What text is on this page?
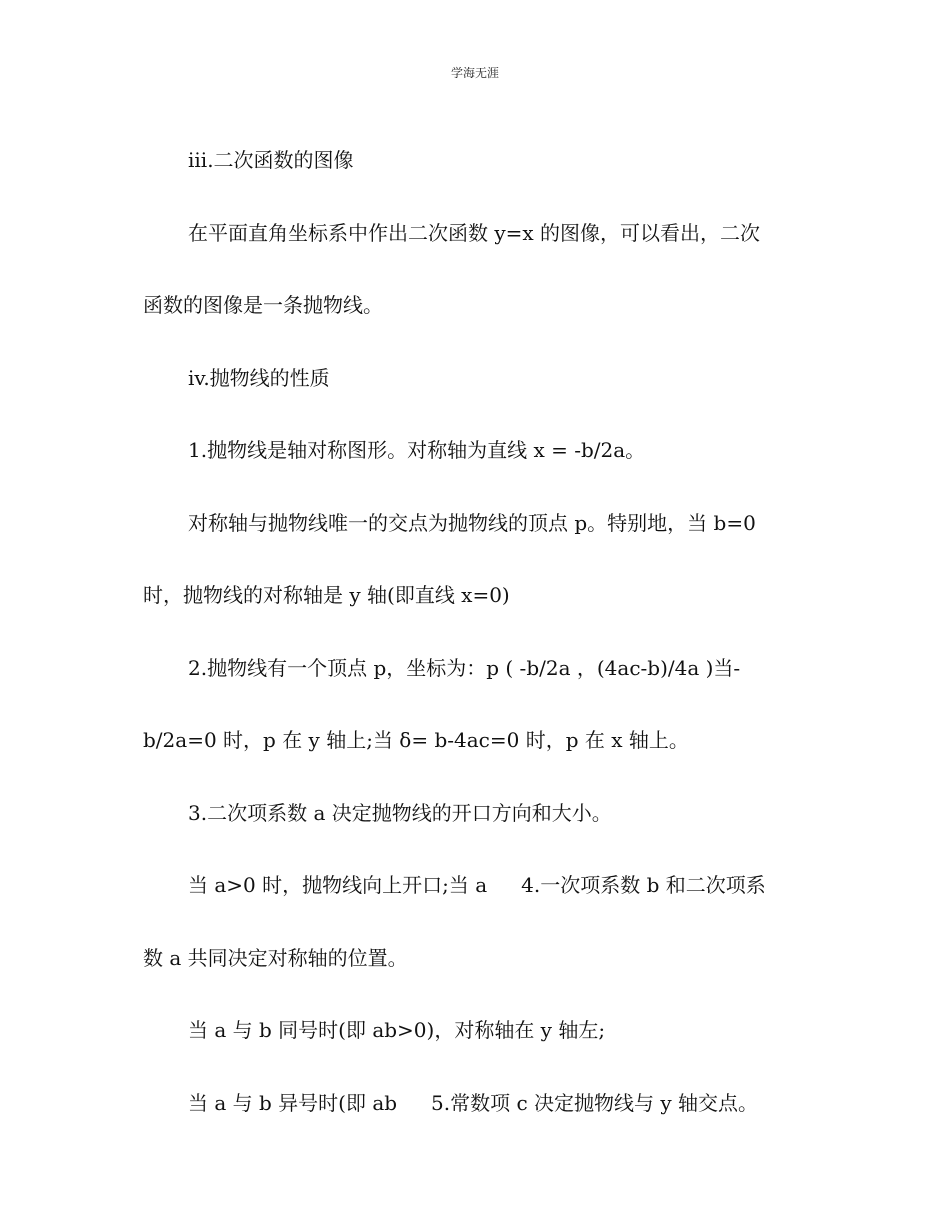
学海无涯
iii.二次函数的图像
在平面直角坐标系中作出二次函数 y=x 的图像，可以看出，二次
函数的图像是一条抛物线。
iv.抛物线的性质
1.抛物线是轴对称图形。对称轴为直线 x = -b/2a。
对称轴与抛物线唯一的交点为抛物线的顶点 p。特别地，当 b=0
时，抛物线的对称轴是 y 轴(即直线 x=0)
2.抛物线有一个顶点 p，坐标为：p ( -b/2a ，(4ac-b)/4a )当-
b/2a=0 时，p 在 y 轴上;当 δ= b-4ac=0 时，p 在 x 轴上。
3.二次项系数 a 决定抛物线的开口方向和大小。
当 a>0 时，抛物线向上开口;当 a 4.一次项系数 b 和二次项系
数 a 共同决定对称轴的位置。
当 a 与 b 同号时(即 ab>0)，对称轴在 y 轴左;
当 a 与 b 异号时(即 ab 5.常数项 c 决定抛物线与 y 轴交点。
